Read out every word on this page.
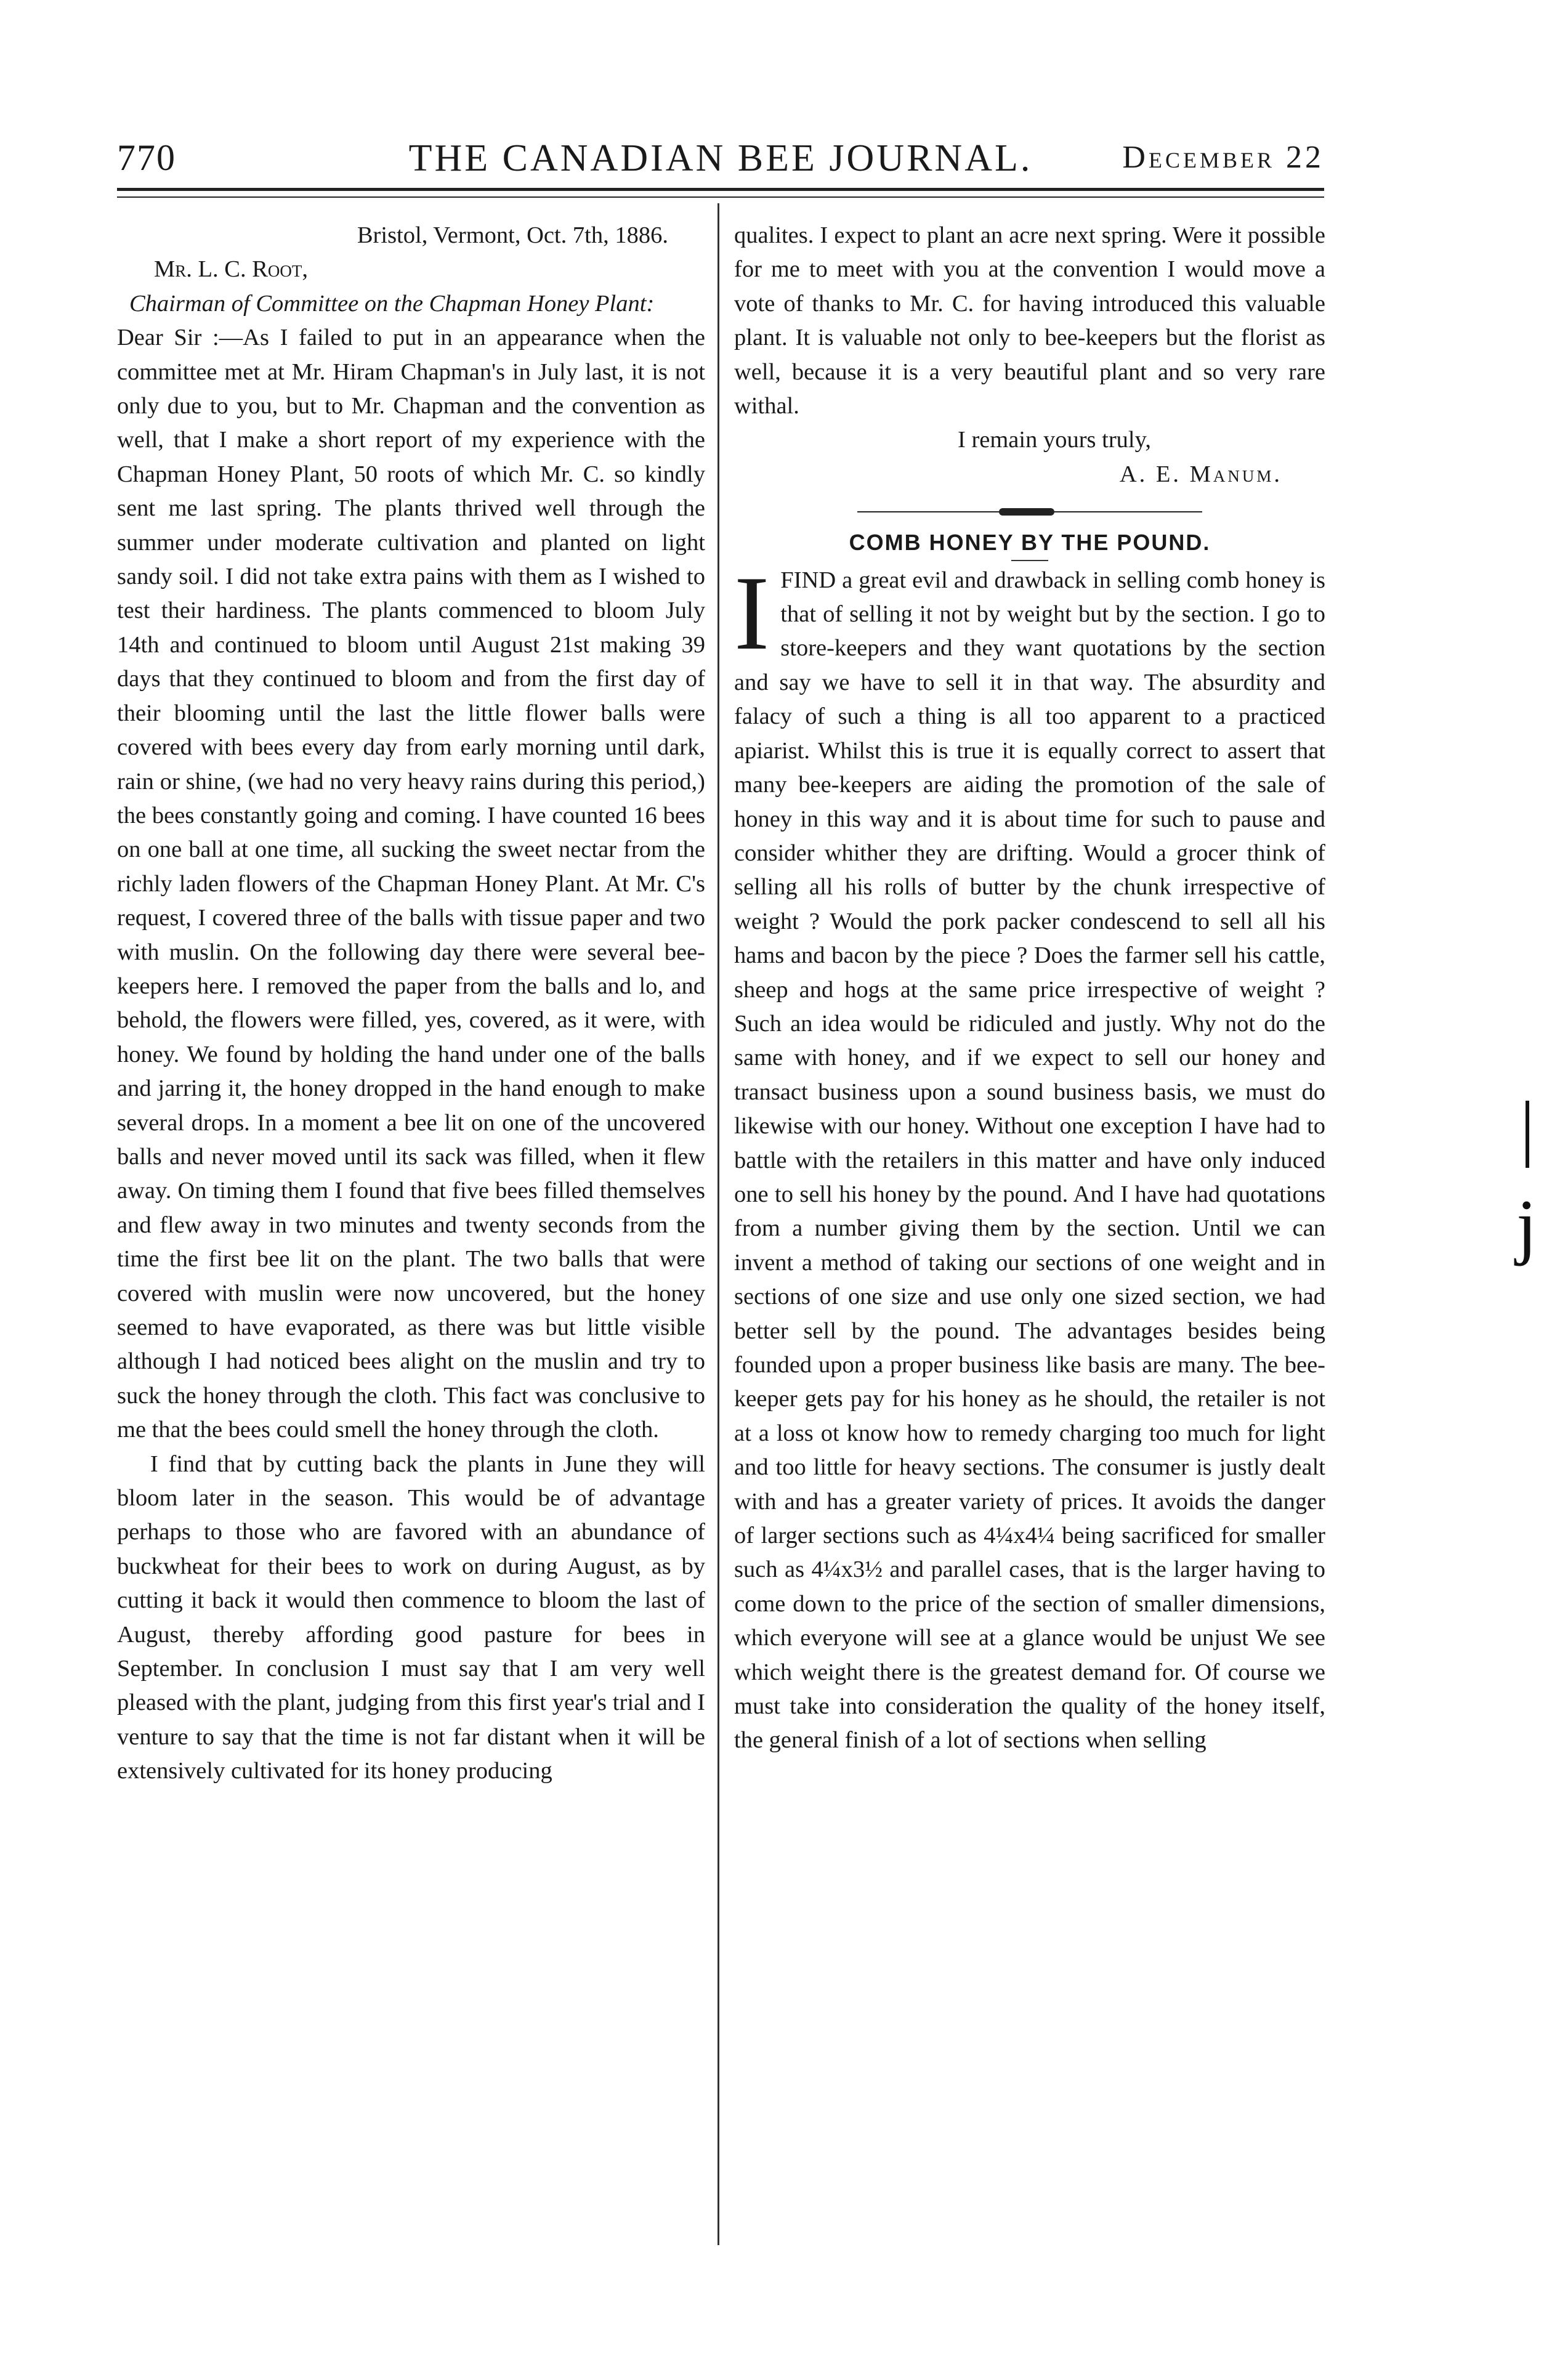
770	THE CANADIAN BEE JOURNAL.	December 22

Bristol, Vermont, Oct. 7th, 1886.

Mr. L. C. Root,

Chairman of Committee on the Chapman Honey Plant:

Dear Sir :—As I failed to put in an appearance when the committee met at Mr. Hiram Chapman's in July last, it is not only due to you, but to Mr. Chapman and the convention as well, that I make a short report of my experience with the Chapman Honey Plant, 50 roots of which Mr. C. so kindly sent me last spring. The plants thrived well through the summer under moderate cultivation and planted on light sandy soil. I did not take extra pains with them as I wished to test their hardiness. The plants commenced to bloom July 14th and continued to bloom until August 21st making 39 days that they continued to bloom and from the first day of their blooming until the last the little flower balls were covered with bees every day from early morning until dark, rain or shine, (we had no very heavy rains during this period,) the bees constantly going and coming. I have counted 16 bees on one ball at one time, all sucking the sweet nectar from the richly laden flowers of the Chapman Honey Plant. At Mr. C's request, I covered three of the balls with tissue paper and two with muslin. On the following day there were several bee-keepers here. I removed the paper from the balls and lo, and behold, the flowers were filled, yes, covered, as it were, with honey. We found by holding the hand under one of the balls and jarring it, the honey dropped in the hand enough to make several drops. In a moment a bee lit on one of the uncovered balls and never moved until its sack was filled, when it flew away. On timing them I found that five bees filled themselves and flew away in two minutes and twenty seconds from the time the first bee lit on the plant. The two balls that were covered with muslin were now uncovered, but the honey seemed to have evaporated, as there was but little visible although I had noticed bees alight on the muslin and try to suck the honey through the cloth. This fact was conclusive to me that the bees could smell the honey through the cloth.

I find that by cutting back the plants in June they will bloom later in the season. This would be of advantage perhaps to those who are favored with an abundance of buckwheat for their bees to work on during August, as by cutting it back it would then commence to bloom the last of August, thereby affording good pasture for bees in September. In conclusion I must say that I am very well pleased with the plant, judging from this first year's trial and I venture to say that the time is not far distant when it will be extensively cultivated for its honey producing

qualites. I expect to plant an acre next spring. Were it possible for me to meet with you at the convention I would move a vote of thanks to Mr. C. for having introduced this valuable plant. It is valuable not only to bee-keepers but the florist as well, because it is a very beautiful plant and so very rare withal.

I remain yours truly,

A. E. Manum.

COMB HONEY BY THE POUND.

IFIND a great evil and drawback in selling comb honey is that of selling it not by weight but by the section. I go to store-keepers and they want quotations by the section and say we have to sell it in that way. The absurdity and falacy of such a thing is all too apparent to a practiced apiarist. Whilst this is true it is equally correct to assert that many bee-keepers are aiding the promotion of the sale of honey in this way and it is about time for such to pause and consider whither they are drifting. Would a grocer think of selling all his rolls of butter by the chunk irrespective of weight ? Would the pork packer condescend to sell all his hams and bacon by the piece ? Does the farmer sell his cattle, sheep and hogs at the same price irrespective of weight ? Such an idea would be ridiculed and justly. Why not do the same with honey, and if we expect to sell our honey and transact business upon a sound business basis, we must do likewise with our honey. Without one exception I have had to battle with the retailers in this matter and have only induced one to sell his honey by the pound. And I have had quotations from a number giving them by the section. Until we can invent a method of taking our sections of one weight and in sections of one size and use only one sized section, we had better sell by the pound. The advantages besides being founded upon a proper business like basis are many. The bee-keeper gets pay for his honey as he should, the retailer is not at a loss ot know how to remedy charging too much for light and too little for heavy sections. The consumer is justly dealt with and has a greater variety of prices. It avoids the danger of larger sections such as 4¼x4¼ being sacrificed for smaller such as 4¼x3½ and parallel cases, that is the larger having to come down to the price of the section of smaller dimensions, which everyone will see at a glance would be unjust We see which weight there is the greatest demand for. Of course we must take into consideration the quality of the honey itself, the general finish of a lot of sections when selling

|
j
